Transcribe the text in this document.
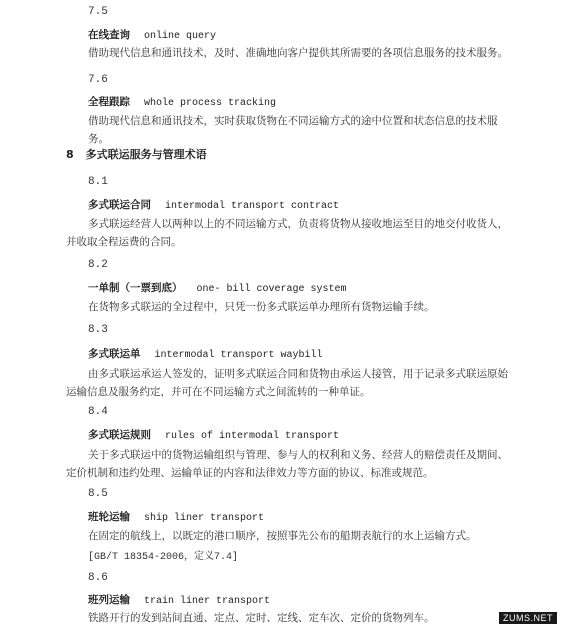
7.5
在线查询 online query
借助现代信息和通讯技术，及时、准确地向客户提供其所需要的各项信息服务的技术服务。
7.6
全程跟踪 whole process tracking
借助现代信息和通讯技术，实时获取货物在不同运输方式的途中位置和状态信息的技术服务。
8 多式联运服务与管理术语
8.1
多式联运合同 intermodal transport contract
多式联运经营人以两种以上的不同运输方式，负责将货物从接收地运至目的地交付收货人，并收取全程运费的合同。
8.2
一单制（一票到底） one- bill coverage system
在货物多式联运的全过程中，只凭一份多式联运单办理所有货物运输手续。
8.3
多式联运单 intermodal transport waybill
由多式联运承运人签发的，证明多式联运合同和货物由承运人接管，用于记录多式联运原始运输信息及服务约定，并可在不同运输方式之间流转的一种单证。
8.4
多式联运规则 rules of intermodal transport
关于多式联运中的货物运输组织与管理、参与人的权利和义务、经营人的赔偿责任及期间、定价机制和违约处理、运输单证的内容和法律效力等方面的协议、标准或规范。
8.5
班轮运输 ship liner transport
在固定的航线上，以既定的港口顺序，按照事先公布的船期表航行的水上运输方式。
[GB/T 18354-2006，定义7.4]
8.6
班列运输 train liner transport
铁路开行的发到站间直通、定点、定时、定线、定车次、定价的货物列车。	ZUMS.NET
